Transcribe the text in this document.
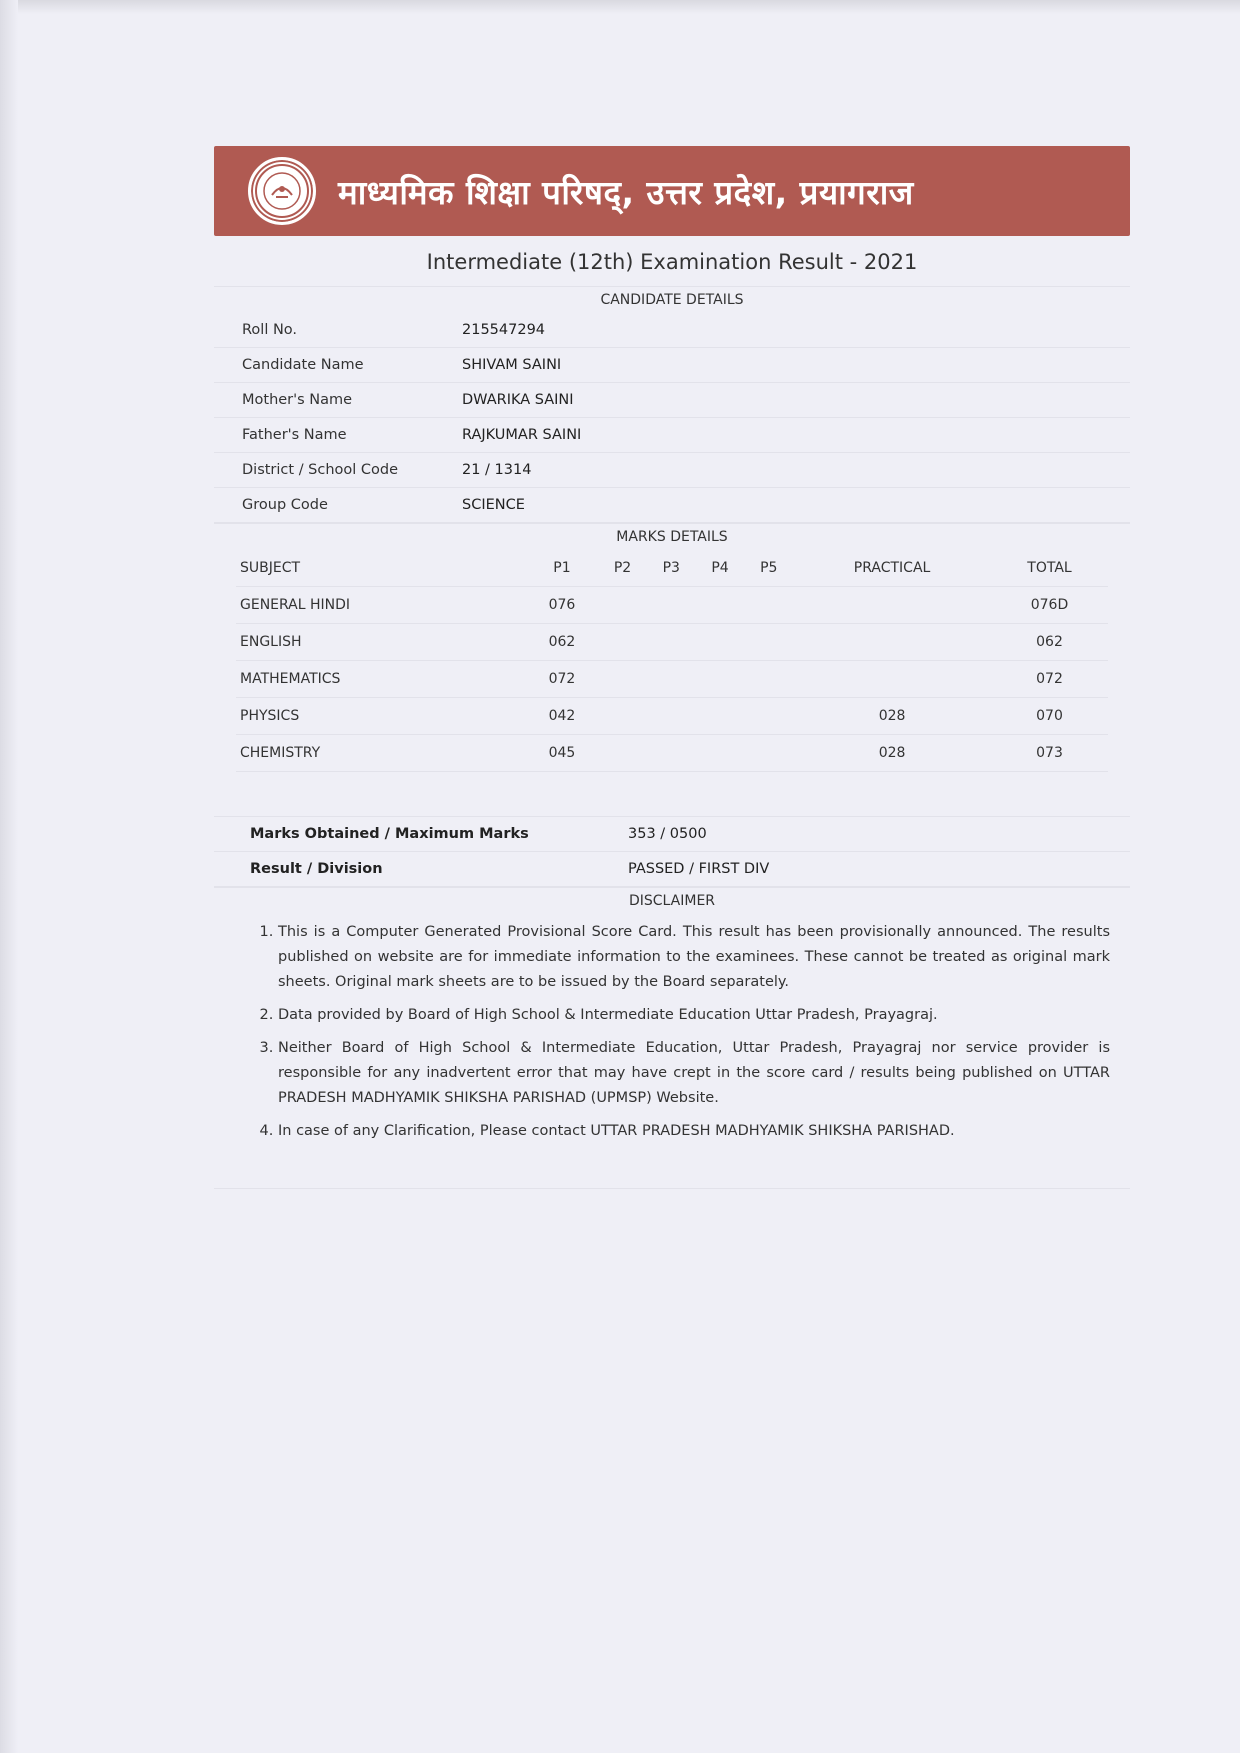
माध्यमिक शिक्षा परिषद्, उत्तर प्रदेश, प्रयागराज
Intermediate (12th) Examination Result - 2021
CANDIDATE DETAILS
Roll No.	215547294
Candidate Name	SHIVAM SAINI
Mother's Name	DWARIKA SAINI
Father's Name	RAJKUMAR SAINI
District / School Code	21 / 1314
Group Code	SCIENCE
MARKS DETAILS
SUBJECT	P1	P2	P3	P4	P5	PRACTICAL	TOTAL
GENERAL HINDI	076						076D
ENGLISH	062						062
MATHEMATICS	072						072
PHYSICS	042					028	070
CHEMISTRY	045					028	073
Marks Obtained / Maximum Marks	353 / 0500
Result / Division	PASSED / FIRST DIV
DISCLAIMER
1. This is a Computer Generated Provisional Score Card. This result has been provisionally announced. The results published on website are for immediate information to the examinees. These cannot be treated as original mark sheets. Original mark sheets are to be issued by the Board separately.
2. Data provided by Board of High School & Intermediate Education Uttar Pradesh, Prayagraj.
3. Neither Board of High School & Intermediate Education, Uttar Pradesh, Prayagraj nor service provider is responsible for any inadvertent error that may have crept in the score card / results being published on UTTAR PRADESH MADHYAMIK SHIKSHA PARISHAD (UPMSP) Website.
4. In case of any Clarification, Please contact UTTAR PRADESH MADHYAMIK SHIKSHA PARISHAD.
